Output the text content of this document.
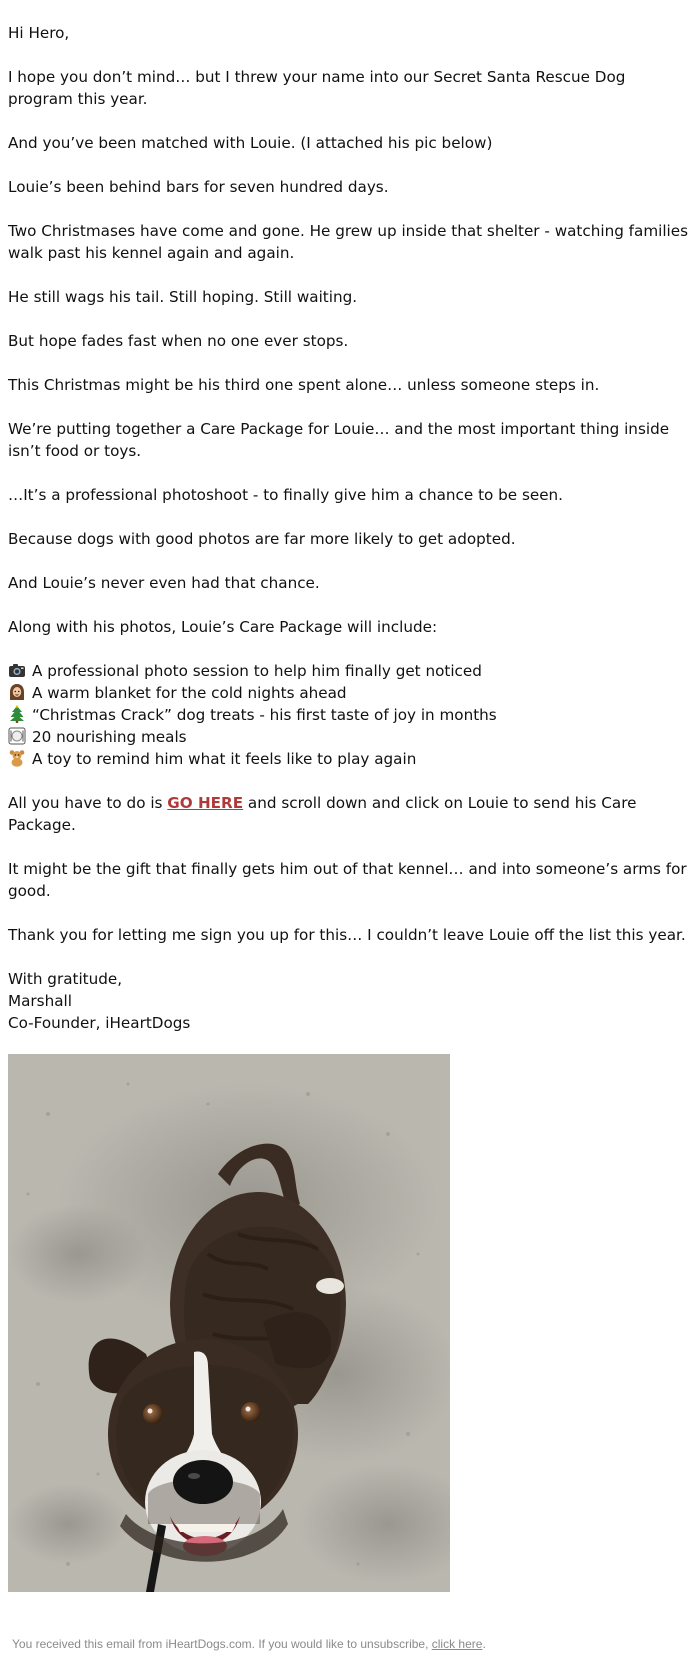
Hi Hero,

I hope you don’t mind… but I threw your name into our Secret Santa Rescue Dog program this year.

And you’ve been matched with Louie. (I attached his pic below)

Louie’s been behind bars for seven hundred days.

Two Christmases have come and gone. He grew up inside that shelter - watching families walk past his kennel again and again.

He still wags his tail. Still hoping. Still waiting.

But hope fades fast when no one ever stops.

This Christmas might be his third one spent alone… unless someone steps in.

We’re putting together a Care Package for Louie… and the most important thing inside isn’t food or toys.

…It’s a professional photoshoot - to finally give him a chance to be seen.

Because dogs with good photos are far more likely to get adopted.

And Louie’s never even had that chance.

Along with his photos, Louie’s Care Package will include:

A professional photo session to help him finally get noticed
A warm blanket for the cold nights ahead
“Christmas Crack” dog treats - his first taste of joy in months
20 nourishing meals
A toy to remind him what it feels like to play again

All you have to do is GO HERE and scroll down and click on Louie to send his Care Package.

It might be the gift that finally gets him out of that kennel… and into someone’s arms for good.

Thank you for letting me sign you up for this… I couldn’t leave Louie off the list this year.

With gratitude,
Marshall
Co-Founder, iHeartDogs

You received this email from iHeartDogs.com. If you would like to unsubscribe, click here.
